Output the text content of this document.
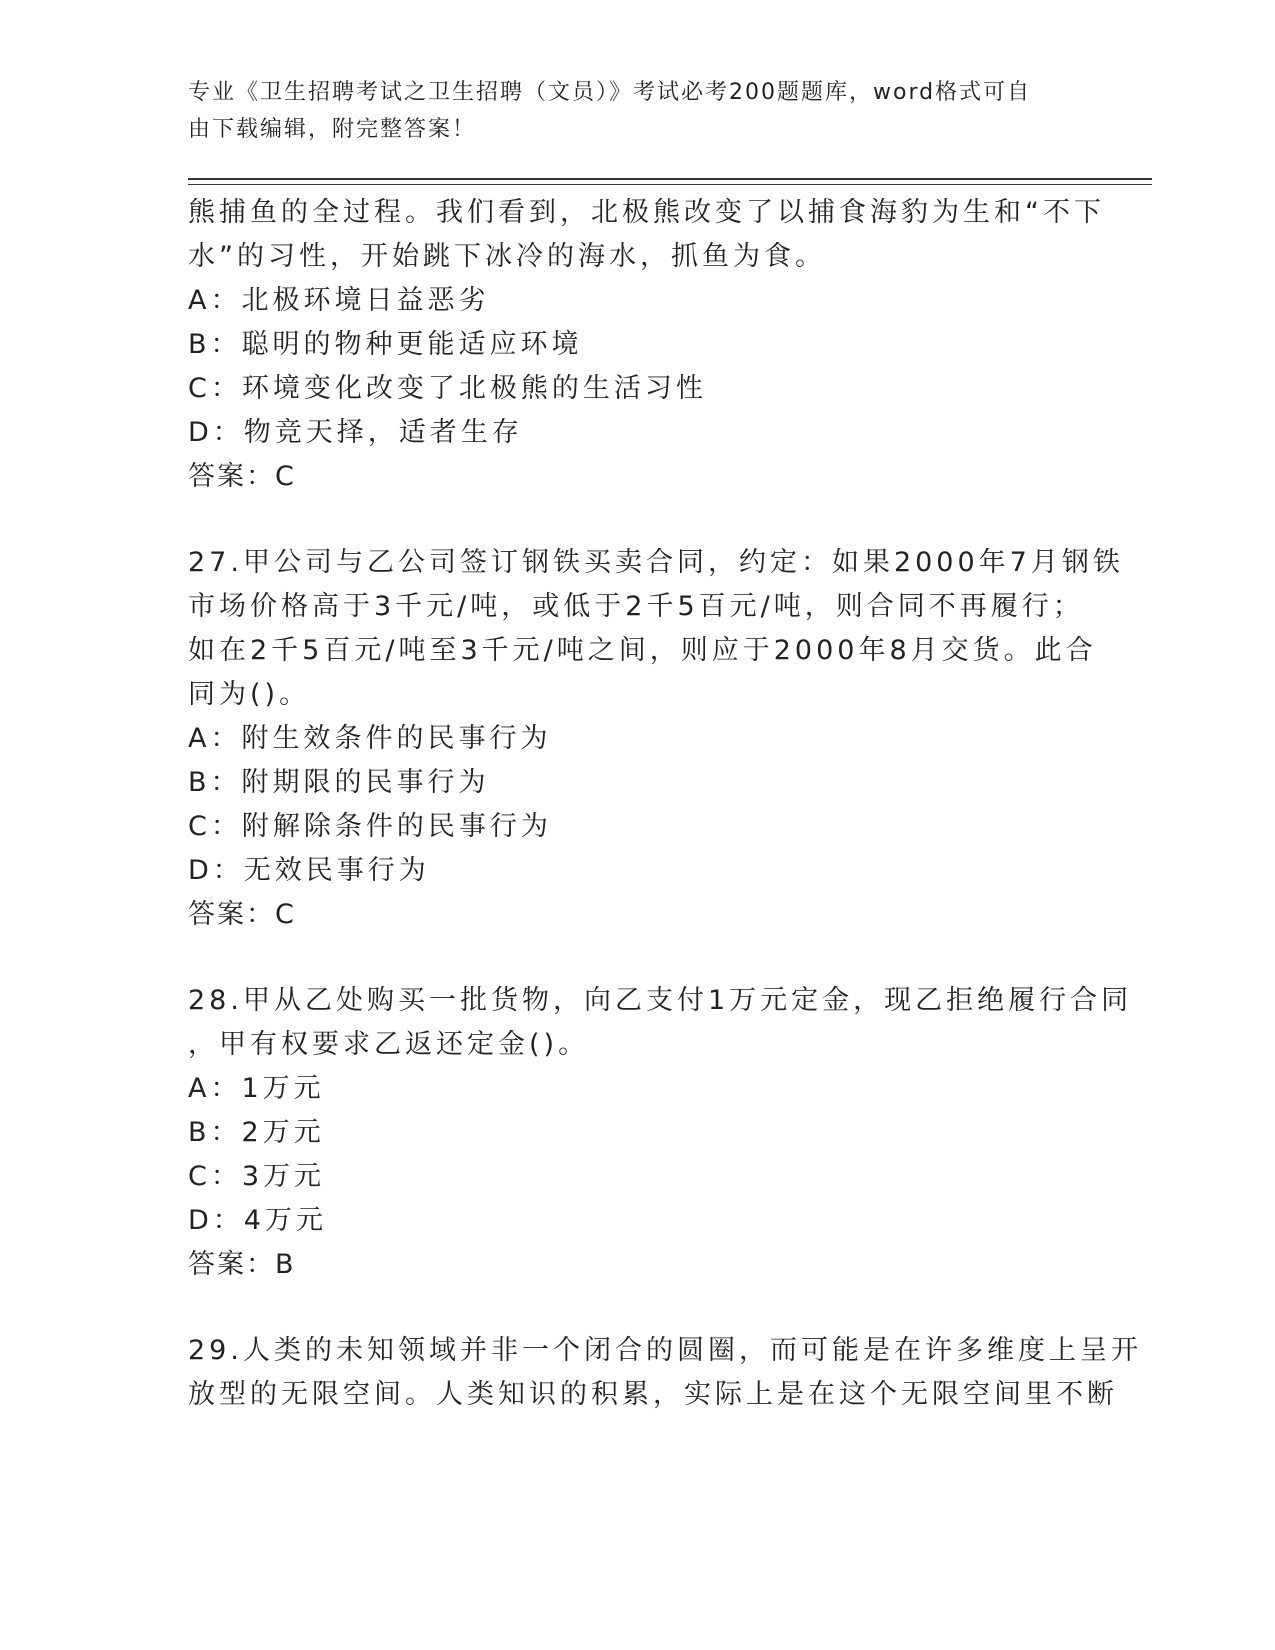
专业《卫生招聘考试之卫生招聘（文员）》考试必考200题题库，word格式可自
由下载编辑，附完整答案！
熊捕鱼的全过程。我们看到，北极熊改变了以捕食海豹为生和“不下
水”的习性，开始跳下冰冷的海水，抓鱼为食。
A：北极环境日益恶劣
B：聪明的物种更能适应环境
C：环境变化改变了北极熊的生活习性
D：物竞天择，适者生存
答案：C
27.甲公司与乙公司签订钢铁买卖合同，约定：如果2000年7月钢铁
市场价格高于3千元/吨，或低于2千5百元/吨，则合同不再履行；
如在2千5百元/吨至3千元/吨之间，则应于2000年8月交货。此合
同为()。
A：附生效条件的民事行为
B：附期限的民事行为
C：附解除条件的民事行为
D：无效民事行为
答案：C
28.甲从乙处购买一批货物，向乙支付1万元定金，现乙拒绝履行合同
，甲有权要求乙返还定金()。
A：1万元
B：2万元
C：3万元
D：4万元
答案：B
29.人类的未知领域并非一个闭合的圆圈，而可能是在许多维度上呈开
放型的无限空间。人类知识的积累，实际上是在这个无限空间里不断
